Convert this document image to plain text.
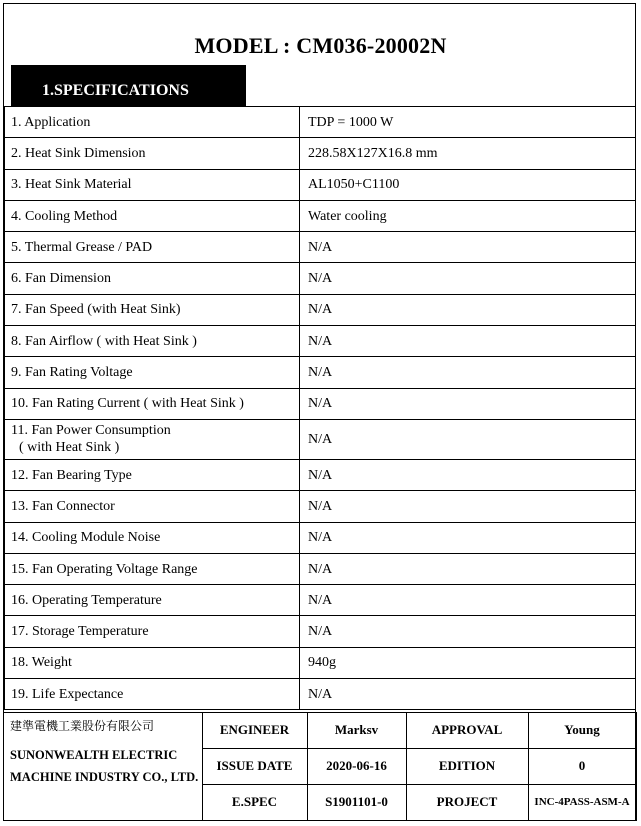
MODEL : CM036-20002N
1.SPECIFICATIONS
1. Application	TDP = 1000 W
2. Heat Sink Dimension	228.58X127X16.8 mm
3. Heat Sink Material	AL1050+C1100
4. Cooling Method	Water cooling
5. Thermal Grease / PAD	N/A
6. Fan Dimension	N/A
7. Fan Speed (with Heat Sink)	N/A
8. Fan Airflow ( with Heat Sink )	N/A
9. Fan Rating Voltage	N/A
10. Fan Rating Current ( with Heat Sink )	N/A
11. Fan Power Consumption
( with Heat Sink )	N/A
12. Fan Bearing Type	N/A
13. Fan Connector	N/A
14. Cooling Module Noise	N/A
15. Fan Operating Voltage Range	N/A
16. Operating Temperature	N/A
17. Storage Temperature	N/A
18. Weight	940g
19. Life Expectance	N/A
建準電機工業股份有限公司
SUNONWEALTH ELECTRIC
MACHINE INDUSTRY CO., LTD.	ENGINEER	Marksv	APPROVAL	Young
	ISSUE DATE	2020-06-16	EDITION	0
	E.SPEC	S1901101-0	PROJECT	INC-4PASS-ASM-A
